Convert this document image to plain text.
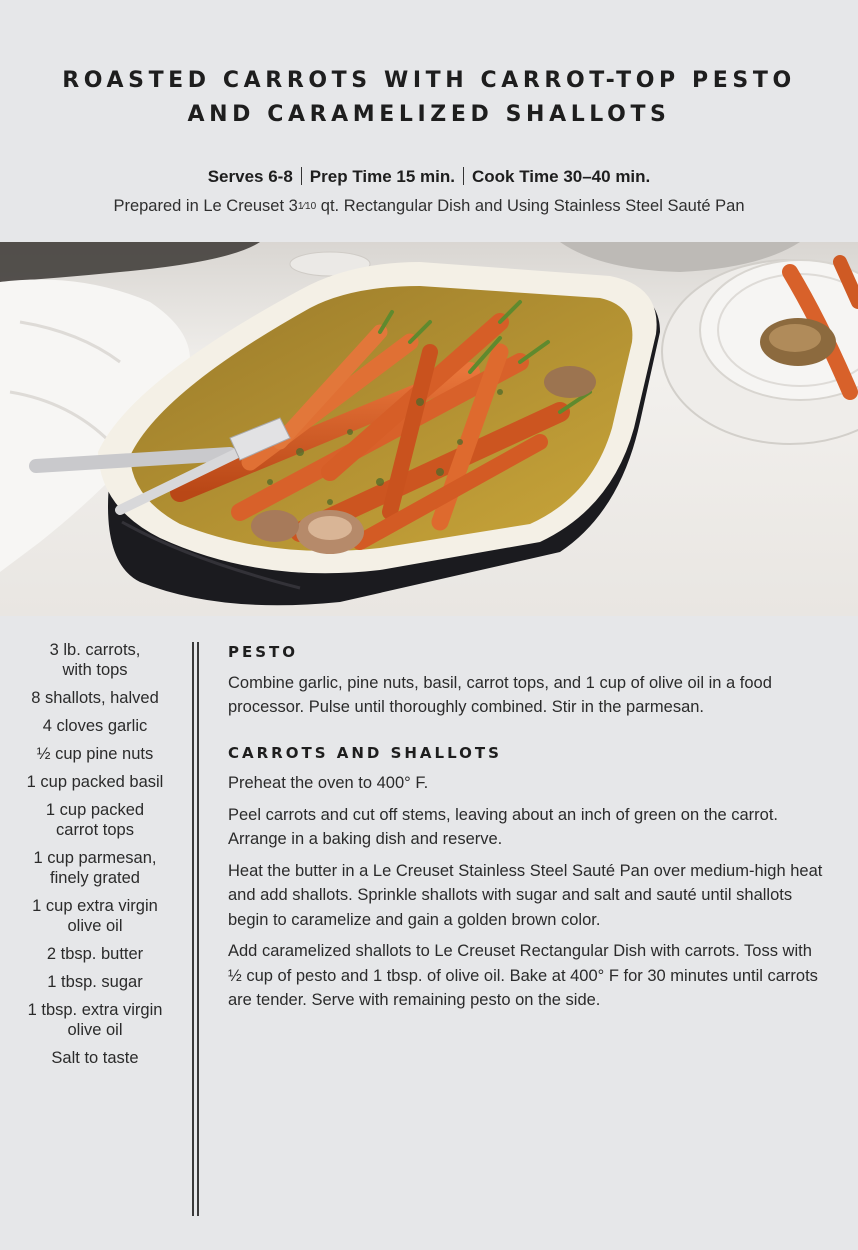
ROASTED CARROTS WITH CARROT-TOP PESTO
AND CARAMELIZED SHALLOTS
Serves 6-8 Prep Time 15 min. Cook Time 30–40 min.
Prepared in Le Creuset 31⁄10 qt. Rectangular Dish and Using Stainless Steel Sauté Pan
3 lb. carrots,
with tops
8 shallots, halved
4 cloves garlic
½ cup pine nuts
1 cup packed basil
1 cup packed
carrot tops
1 cup parmesan,
finely grated
1 cup extra virgin
olive oil
2 tbsp. butter
1 tbsp. sugar
1 tbsp. extra virgin
olive oil
Salt to taste
PESTO

Combine garlic, pine nuts, basil, carrot tops, and 1 cup of olive oil in a food processor. Pulse until thoroughly combined. Stir in the parmesan.

CARROTS AND SHALLOTS

Preheat the oven to 400° F.

Peel carrots and cut off stems, leaving about an inch of green on the carrot. Arrange in a baking dish and reserve.

Heat the butter in a Le Creuset Stainless Steel Sauté Pan over medium-high heat and add shallots. Sprinkle shallots with sugar and salt and sauté until shallots begin to caramelize and gain a golden brown color.

Add caramelized shallots to Le Creuset Rectangular Dish with carrots. Toss with ½ cup of pesto and 1 tbsp. of olive oil. Bake at 400° F for 30 minutes until carrots are tender. Serve with remaining pesto on the side.
